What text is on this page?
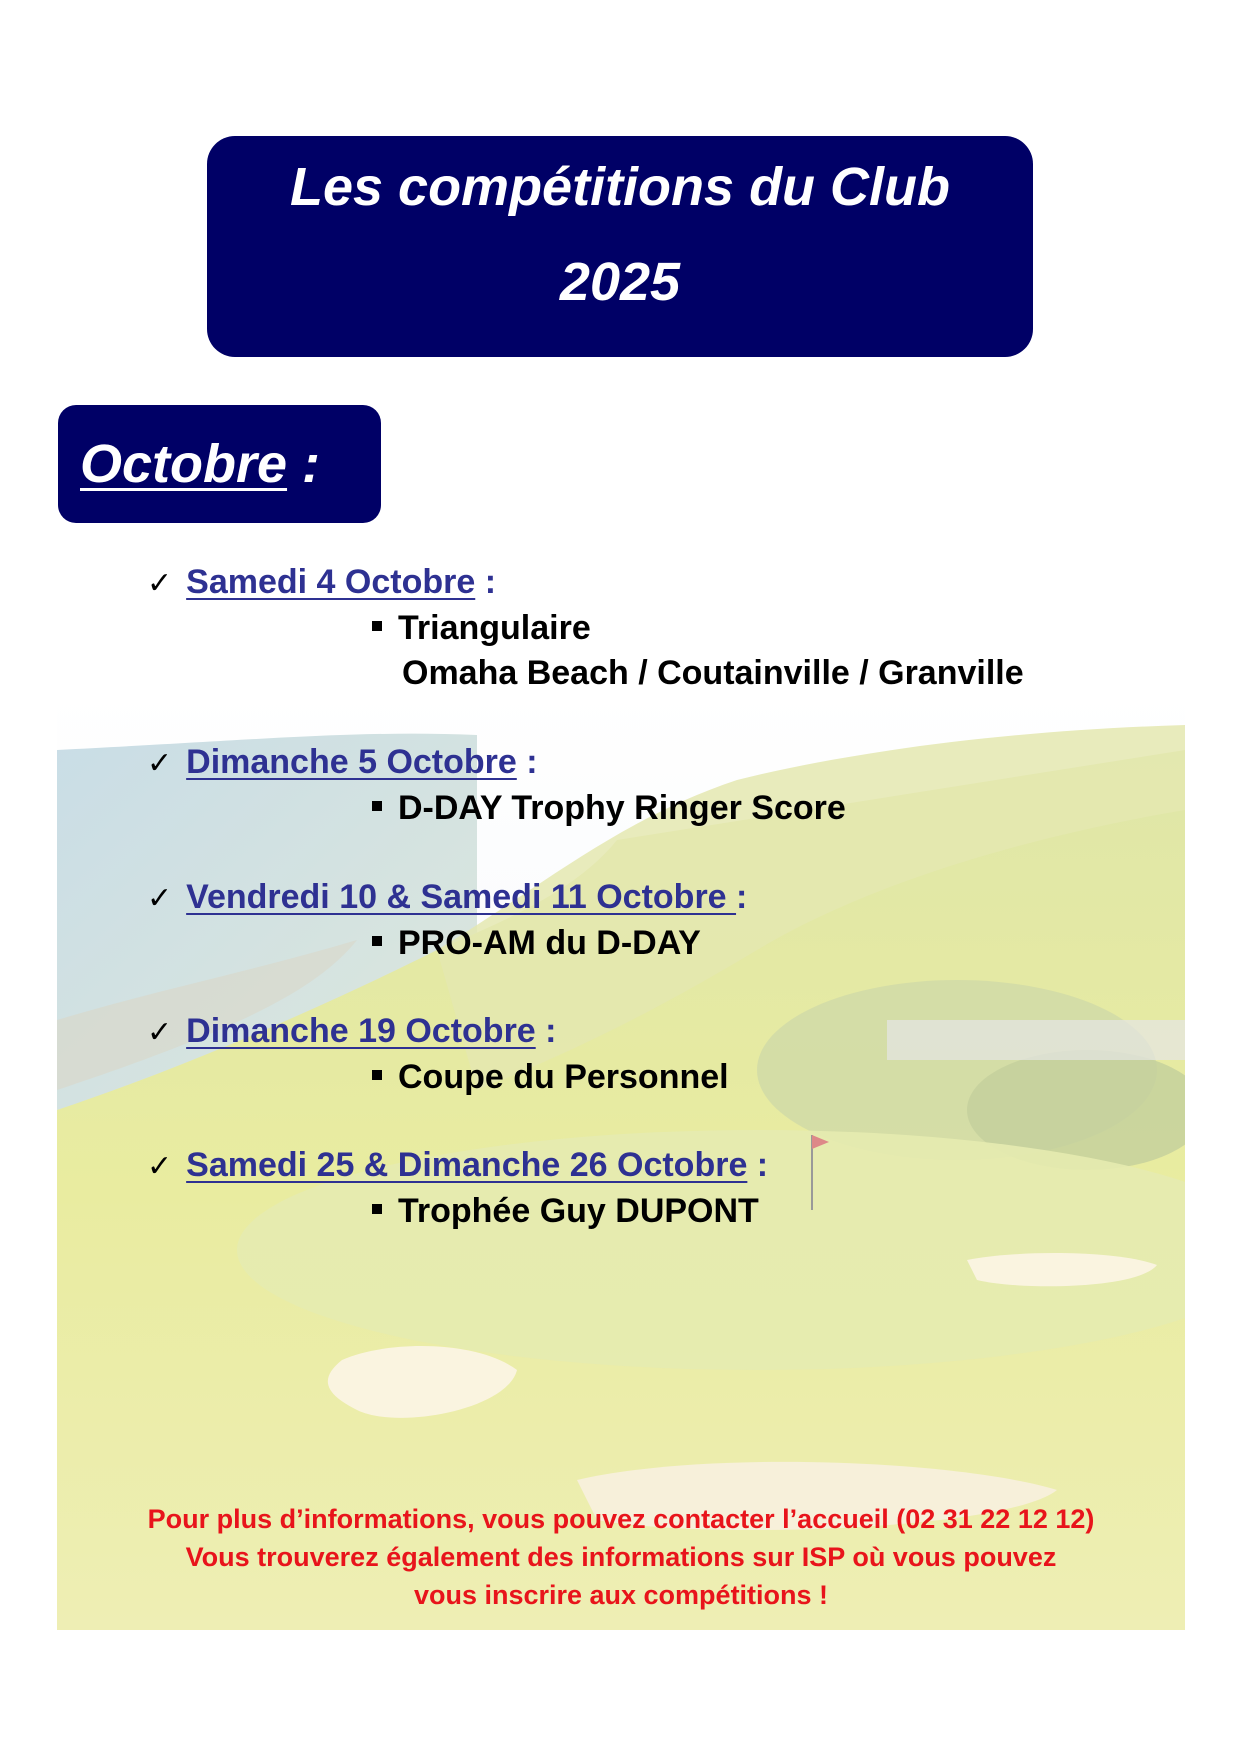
Les compétitions du Club
2025
Octobre :
✓ Samedi 4 Octobre :
Triangulaire
Omaha Beach / Coutainville / Granville
✓ Dimanche 5 Octobre :
D-DAY Trophy Ringer Score
✓ Vendredi 10 & Samedi 11 Octobre :
PRO-AM du D-DAY
✓ Dimanche 19 Octobre :
Coupe du Personnel
✓ Samedi 25 & Dimanche 26 Octobre :
Trophée Guy DUPONT
Pour plus d’informations, vous pouvez contacter l’accueil (02 31 22 12 12)
Vous trouverez également des informations sur ISP où vous pouvez
vous inscrire aux compétitions !
